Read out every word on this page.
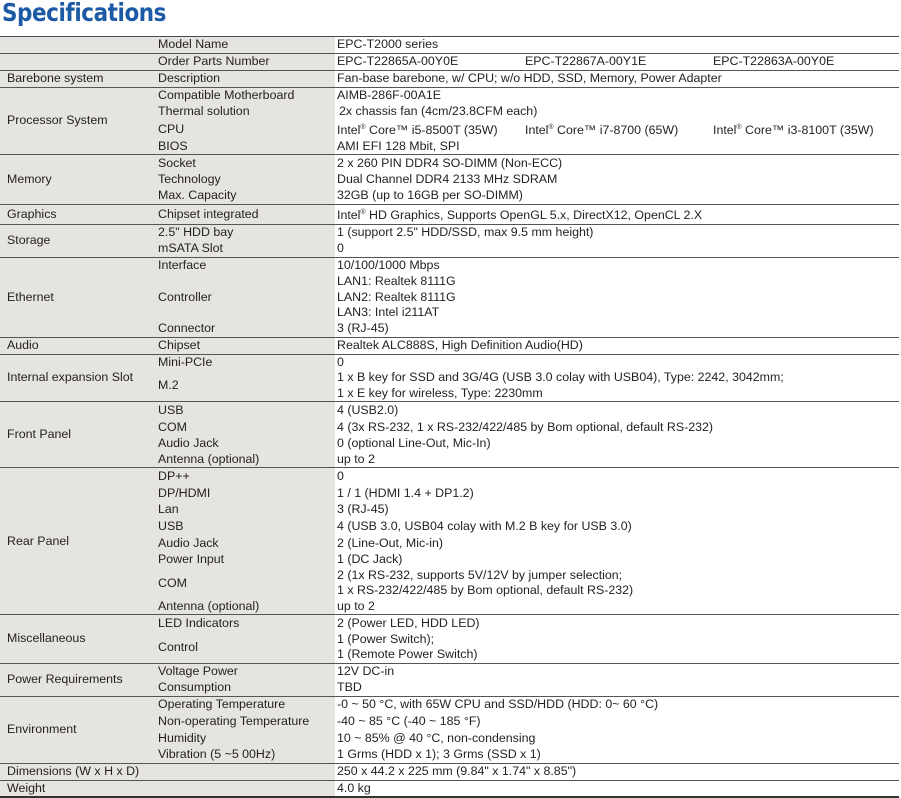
Specifications
	Model Name	EPC-T2000 series		
	Order Parts Number	EPC-T22865A-00Y0E	EPC-T22867A-00Y1E	EPC-T22863A-00Y0E
Barebone system	Description	Fan-base barebone, w/ CPU; w/o HDD, SSD, Memory, Power Adapter		
Processor System	Compatible Motherboard	AIMB-286F-00A1E		
	Thermal solution	2x chassis fan (4cm/23.8CFM each)		
	CPU	Intel® Core™ i5-8500T (35W)	Intel® Core™ i7-8700 (65W)	Intel® Core™ i3-8100T (35W)
	BIOS	AMI EFI 128 Mbit, SPI		
Memory	Socket	2 x 260 PIN DDR4 SO-DIMM (Non-ECC)		
	Technology	Dual Channel DDR4 2133 MHz SDRAM		
	Max. Capacity	32GB (up to 16GB per SO-DIMM)		
Graphics	Chipset integrated	Intel® HD Graphics, Supports OpenGL 5.x, DirectX12, OpenCL 2.X		
Storage	2.5" HDD bay	1 (support 2.5" HDD/SSD, max 9.5 mm height)		
	mSATA Slot	0		
Ethernet	Interface	10/100/1000 Mbps		
	Controller	LAN1: Realtek 8111G
LAN2: Realtek 8111G
LAN3: Intel i211AT		

	Connector	3 (RJ-45)		
Audio	Chipset	Realtek ALC888S, High Definition Audio(HD)		
Internal expansion Slot	Mini-PCIe	0		
	M.2	1 x B key for SSD and 3G/4G (USB 3.0 colay with USB04), Type: 2242, 3042mm;
1 x E key for wireless, Type: 2230mm		

Front Panel	USB	4 (USB2.0)		
	COM	4 (3x RS-232, 1 x RS-232/422/485 by Bom optional, default RS-232)		
	Audio Jack	0 (optional Line-Out, Mic-In)		
	Antenna (optional)	up to 2		
Rear Panel	DP++	0		
	DP/HDMI	1 / 1 (HDMI 1.4 + DP1.2)		
	Lan	3 (RJ-45)		
	USB	4 (USB 3.0, USB04 colay with M.2 B key for USB 3.0)		
	Audio Jack	2 (Line-Out, Mic-in)		
	Power Input	1 (DC Jack)		
	COM	2 (1x RS-232, supports 5V/12V by jumper selection;
1 x RS-232/422/485 by Bom optional, default RS-232)		

	Antenna (optional)	up to 2		
Miscellaneous	LED Indicators	2 (Power LED, HDD LED)		
	Control	1 (Power Switch);
1 (Remote Power Switch)		

Power Requirements	Voltage Power	12V DC-in		
	Consumption	TBD		
Environment	Operating Temperature	-0 ~ 50 °C, with 65W CPU and SSD/HDD (HDD: 0~ 60 °C)		
	Non-operating Temperature	-40 ~ 85 °C (-40 ~ 185 °F)		
	Humidity	10 ~ 85% @ 40 °C, non-condensing		
	Vibration (5 ~5 00Hz)	1 Grms (HDD x 1); 3 Grms (SSD x 1)		
Dimensions (W x H x D)		250 x 44.2 x 225 mm (9.84" x 1.74" x 8.85")		
Weight		4.0 kg		
